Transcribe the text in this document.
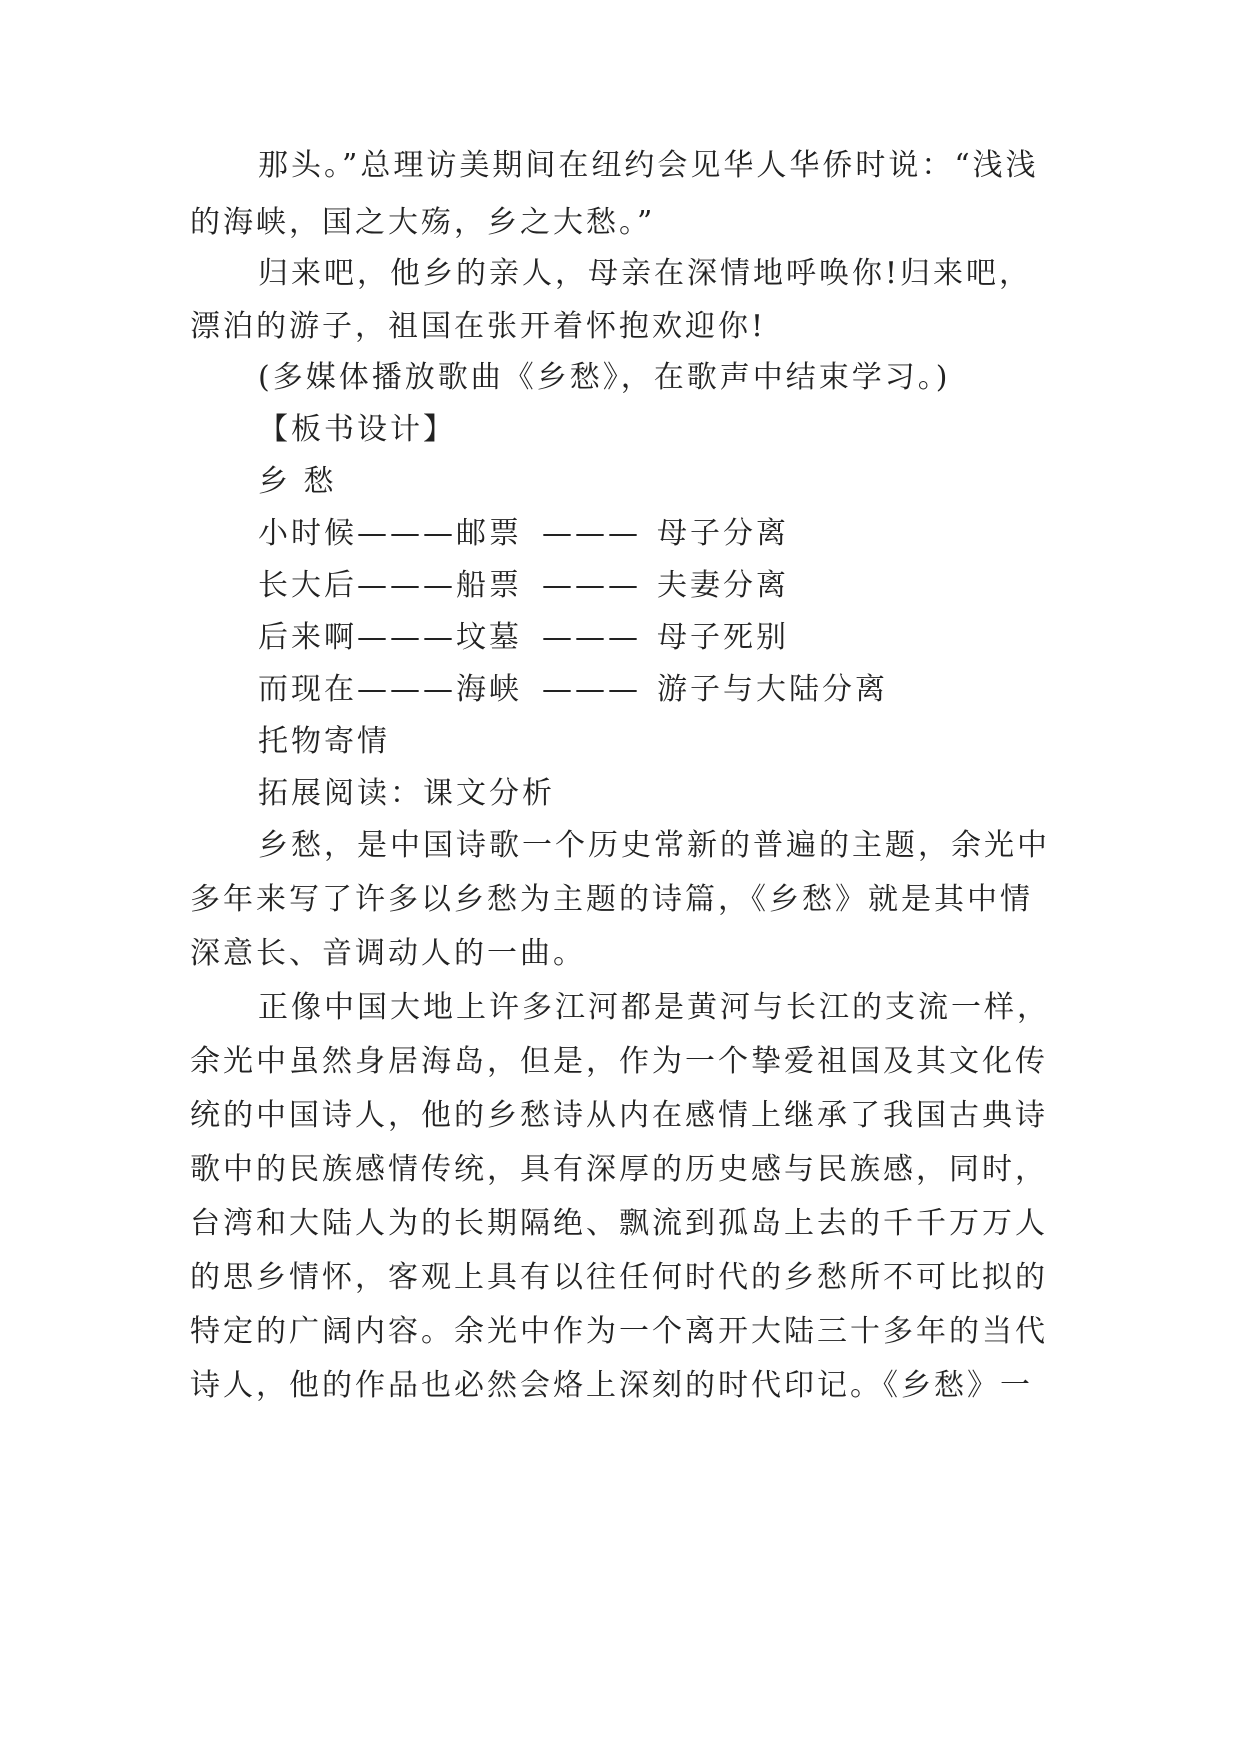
那头。”总理访美期间在纽约会见华人华侨时说：“浅浅
的海峡，国之大殇，乡之大愁。”
归来吧，他乡的亲人，母亲在深情地呼唤你!归来吧，
漂泊的游子，祖国在张开着怀抱欢迎你!
(多媒体播放歌曲《乡愁》，在歌声中结束学习。)
【板书设计】
乡 愁
小时候———邮票 ——— 母子分离
长大后———船票 ——— 夫妻分离
后来啊———坟墓 ——— 母子死别
而现在———海峡 ——— 游子与大陆分离
托物寄情
拓展阅读：课文分析
乡愁，是中国诗歌一个历史常新的普遍的主题，余光中
多年来写了许多以乡愁为主题的诗篇，《乡愁》就是其中情
深意长、音调动人的一曲。
正像中国大地上许多江河都是黄河与长江的支流一样，
余光中虽然身居海岛，但是，作为一个挚爱祖国及其文化传
统的中国诗人，他的乡愁诗从内在感情上继承了我国古典诗
歌中的民族感情传统，具有深厚的历史感与民族感，同时，
台湾和大陆人为的长期隔绝、飘流到孤岛上去的千千万万人
的思乡情怀，客观上具有以往任何时代的乡愁所不可比拟的
特定的广阔内容。余光中作为一个离开大陆三十多年的当代
诗人，他的作品也必然会烙上深刻的时代印记。《乡愁》一
